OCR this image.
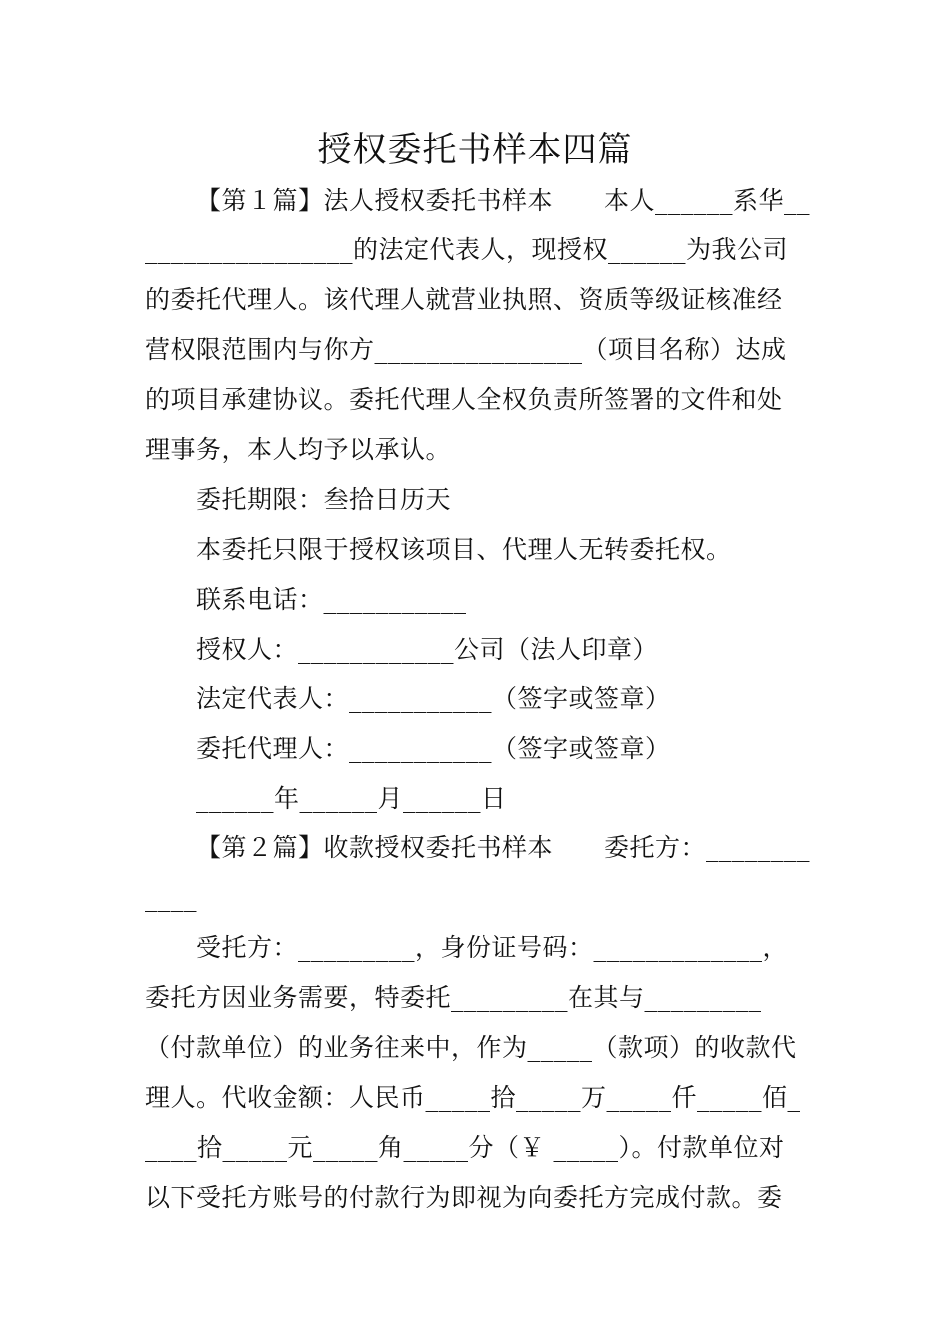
授权委托书样本四篇
【第１篇】法人授权委托书样本　　本人______系华__
________________的法定代表人，现授权______为我公司
的委托代理人。该代理人就营业执照、资质等级证核准经
营权限范围内与你方________________（项目名称）达成
的项目承建协议。委托代理人全权负责所签署的文件和处
理事务，本人均予以承认。
委托期限：叁拾日历天
本委托只限于授权该项目、代理人无转委托权。
联系电话：___________
授权人：____________公司（法人印章）
法定代表人：___________（签字或签章）
委托代理人：___________（签字或签章）
______年______月______日
【第２篇】收款授权委托书样本　　委托方：________
____
受托方：_________，身份证号码：_____________，
委托方因业务需要，特委托_________在其与_________
（付款单位）的业务往来中，作为_____（款项）的收款代
理人。代收金额：人民币_____拾_____万_____仟_____佰_
____拾_____元_____角_____分（￥ _____）。付款单位对
以下受托方账号的付款行为即视为向委托方完成付款。委
